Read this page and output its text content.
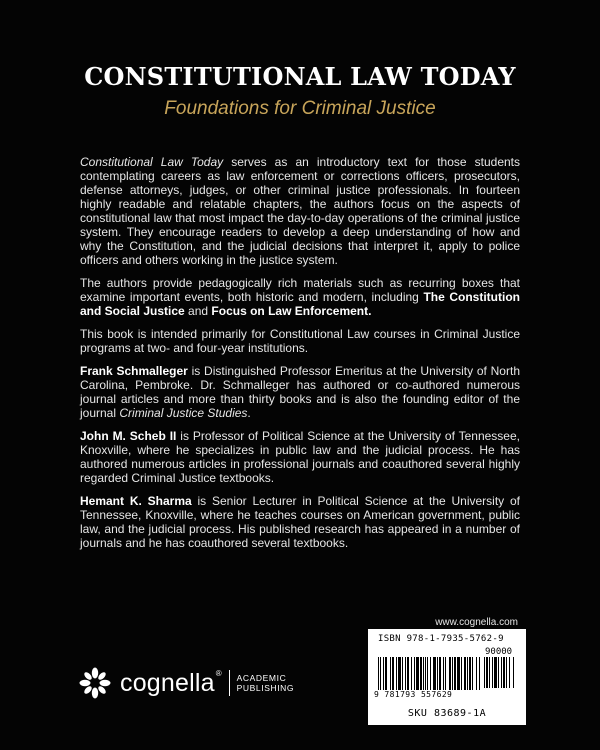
CONSTITUTIONAL LAW TODAY
Foundations for Criminal Justice

Constitutional Law Today serves as an introductory text for those students contemplating careers as law enforcement or corrections officers, prosecutors, defense attorneys, judges, or other criminal justice professionals. In fourteen highly readable and relatable chapters, the authors focus on the aspects of constitutional law that most impact the day-to-day operations of the criminal justice system. They encourage readers to develop a deep understanding of how and why the Constitution, and the judicial decisions that interpret it, apply to police officers and others working in the justice system.

The authors provide pedagogically rich materials such as recurring boxes that examine important events, both historic and modern, including The Constitution and Social Justice and Focus on Law Enforcement.

This book is intended primarily for Constitutional Law courses in Criminal Justice programs at two- and four-year institutions.

Frank Schmalleger is Distinguished Professor Emeritus at the University of North Carolina, Pembroke. Dr. Schmalleger has authored or co-authored numerous journal articles and more than thirty books and is also the founding editor of the journal Criminal Justice Studies.

John M. Scheb II is Professor of Political Science at the University of Tennessee, Knoxville, where he specializes in public law and the judicial process. He has authored numerous articles in professional journals and coauthored several highly regarded Criminal Justice textbooks.

Hemant K. Sharma is Senior Lecturer in Political Science at the University of Tennessee, Knoxville, where he teaches courses on American government, public law, and the judicial process. His published research has appeared in a number of journals and he has coauthored several textbooks.

www.cognella.com
cognella ® ACADEMIC
PUBLISHING
ISBN 978-1-7935-5762-9
90000
9 781793 557629
SKU 83689-1A
